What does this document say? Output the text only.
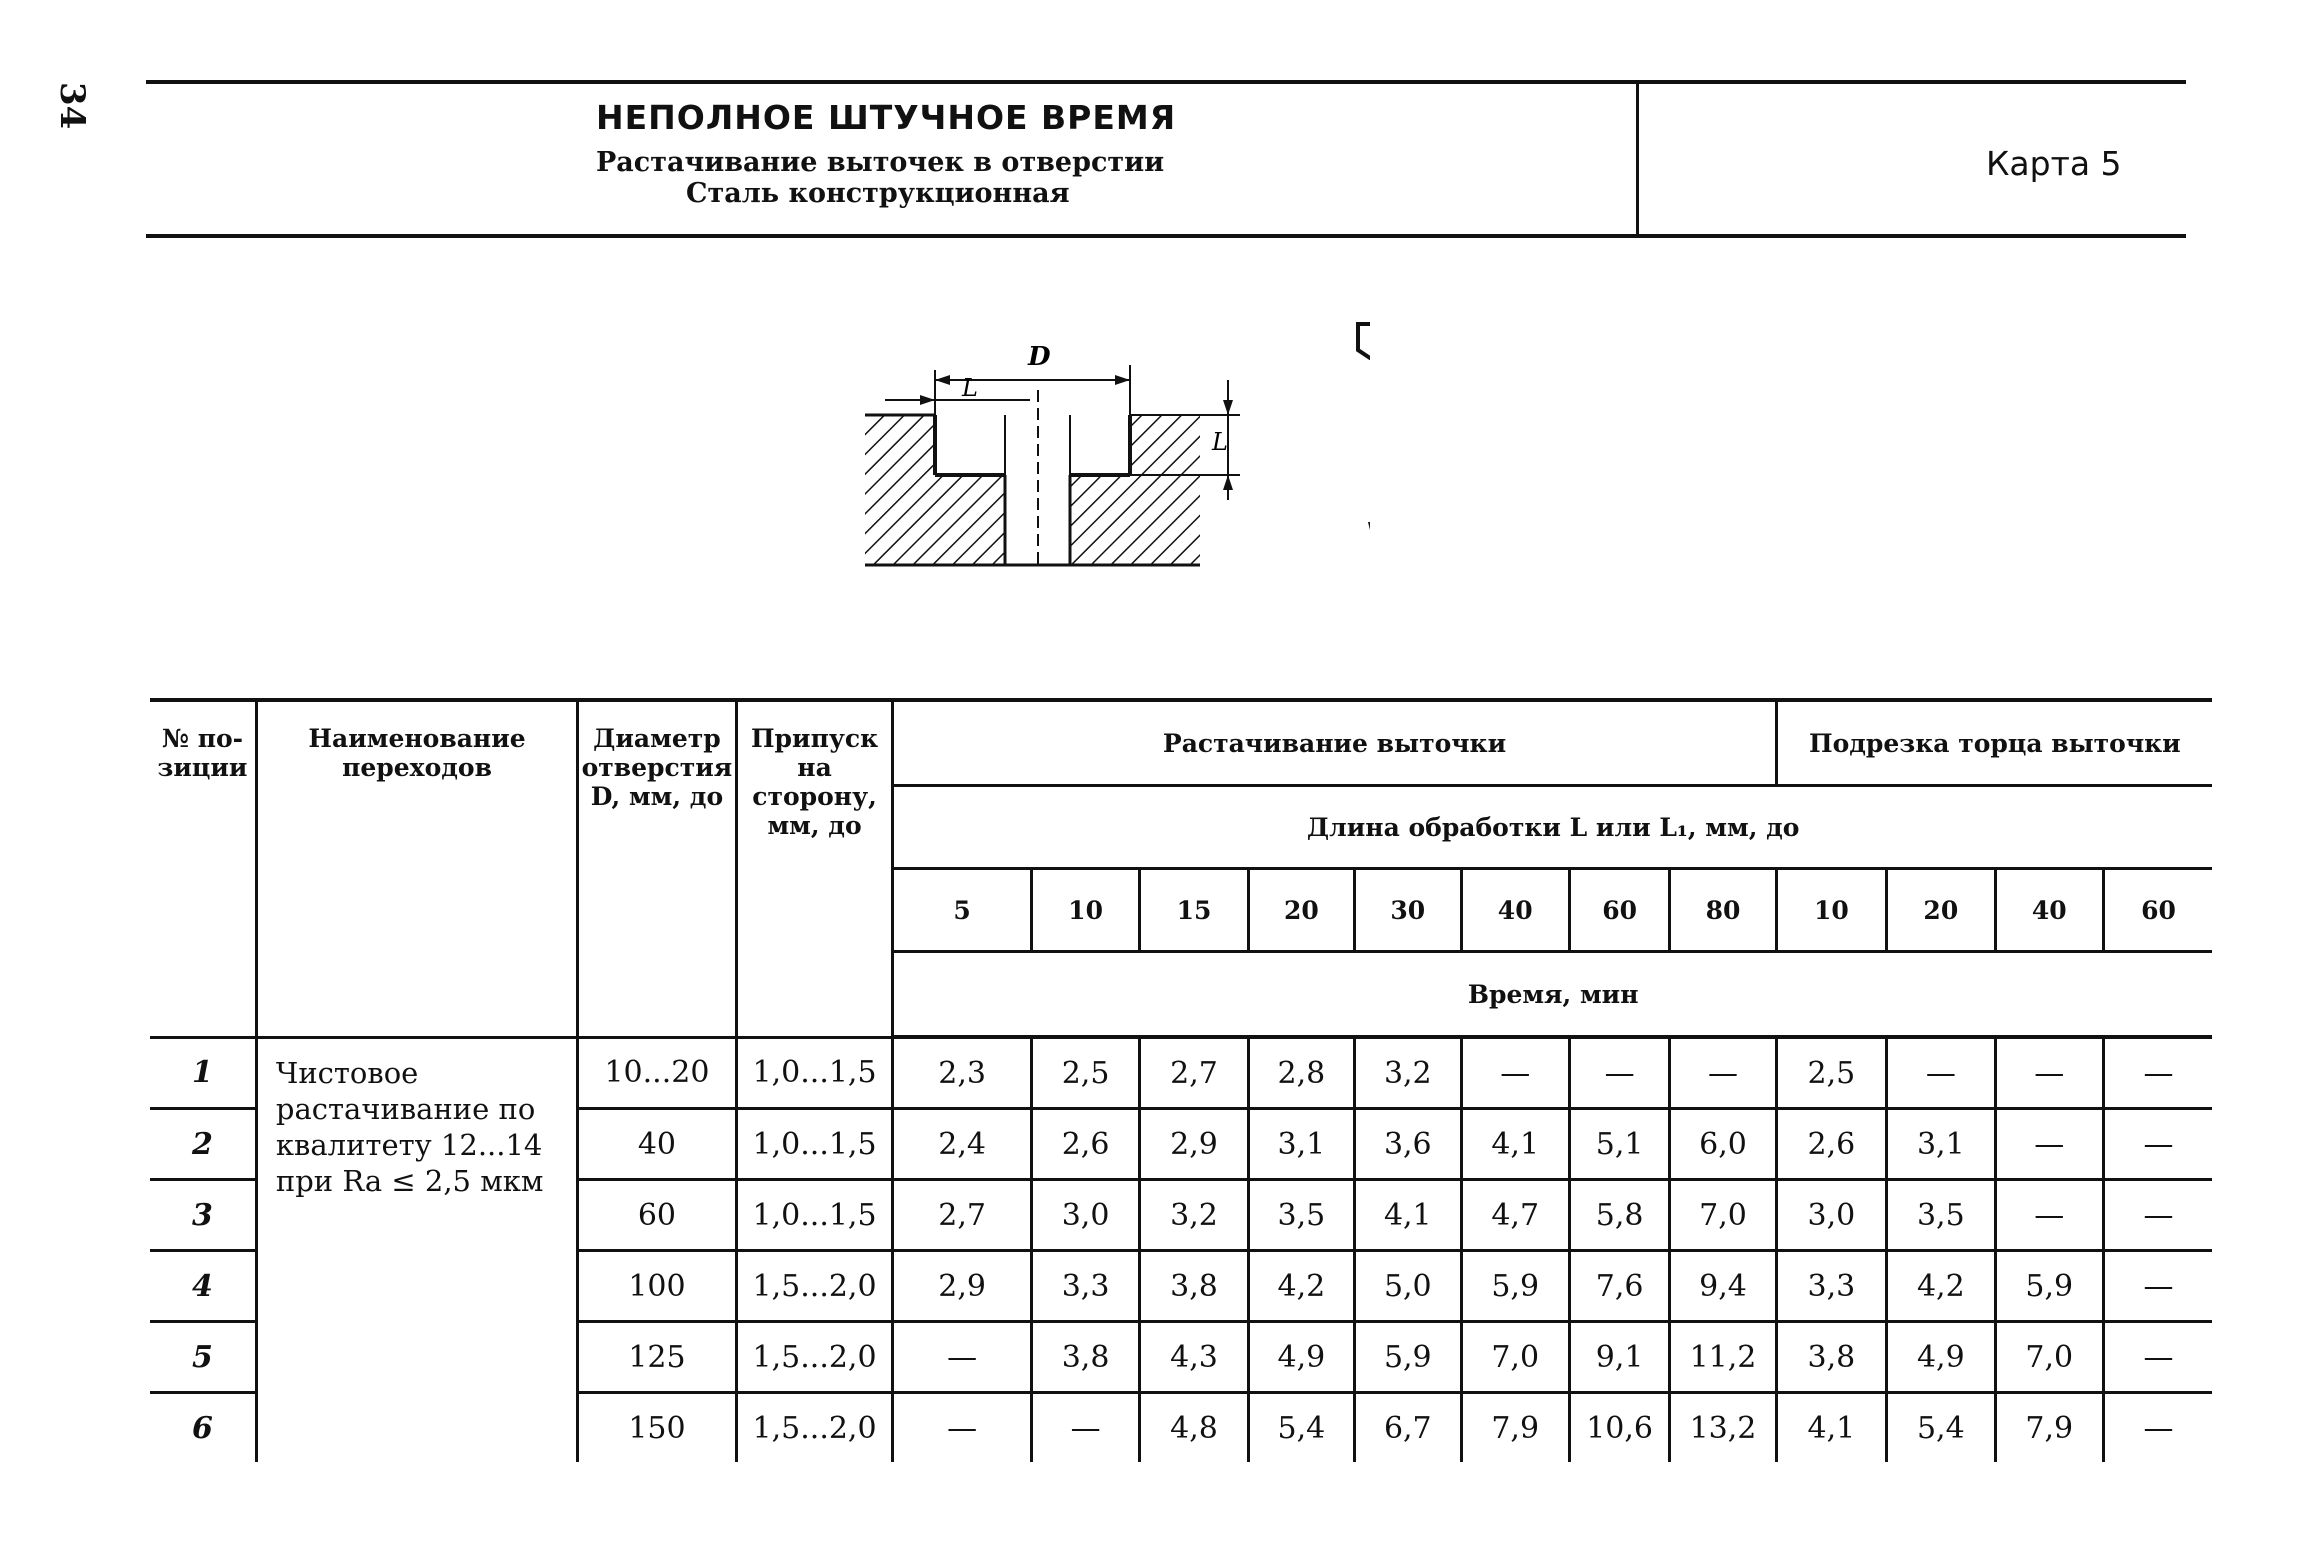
34	НЕПОЛНОЕ ШТУЧНОЕ ВРЕМЯ
Растачивание выточек в отверстии
Сталь конструкционная
Карта 5
D
L
L
№ по-зиции	Наименование переходов	Диаметр отверстия D, мм, до	Припуск на сторону, мм, до	Растачивание выточки								Подрезка торца выточки			
				Длина обработки L или L₁, мм, до											
				5	10	15	20	30	40	60	80	10	20	40	60
				Время, мин											
1	Чистовое растачивание по квалитету 12...14 при Ra ≤ 2,5 мкм	10...20	1,0...1,5	2,3	2,5	2,7	2,8	3,2	—	—	—	2,5	—	—	—
2		40	1,0...1,5	2,4	2,6	2,9	3,1	3,6	4,1	5,1	6,0	2,6	3,1	—	—
3		60	1,0...1,5	2,7	3,0	3,2	3,5	4,1	4,7	5,8	7,0	3,0	3,5	—	—
4		100	1,5...2,0	2,9	3,3	3,8	4,2	5,0	5,9	7,6	9,4	3,3	4,2	5,9	—
5		125	1,5...2,0	—	3,8	4,3	4,9	5,9	7,0	9,1	11,2	3,8	4,9	7,0	—
6		150	1,5...2,0	—	—	4,8	5,4	6,7	7,9	10,6	13,2	4,1	5,4	7,9	—
